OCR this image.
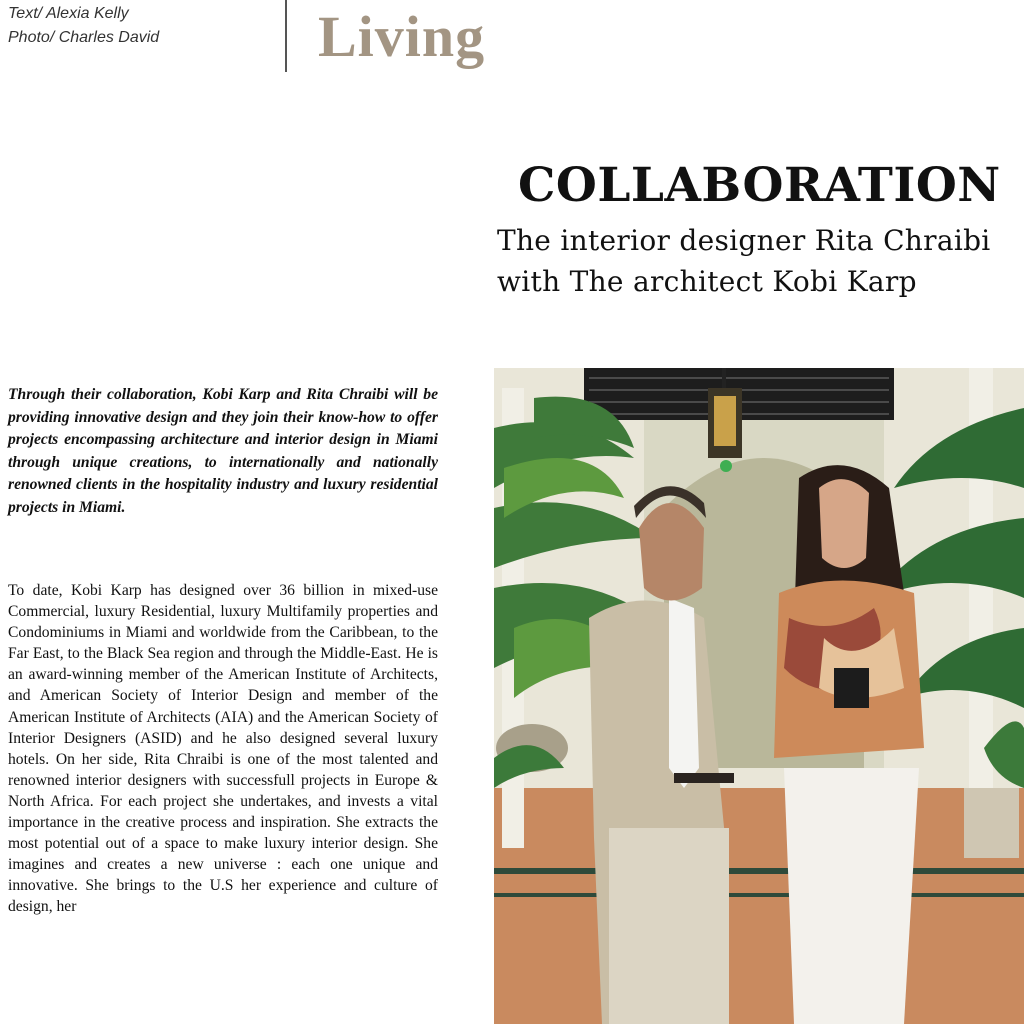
Text/ Alexia Kelly
Photo/ Charles David	Living
COLLABORATION
The interior designer Rita Chraibi
with The architect Kobi Karp

Through their collaboration, Kobi Karp and Rita Chraibi will be providing innovative design and they join their know-how to offer projects encompassing architecture and interior design in Miami through unique creations, to internationally and nationally renowned clients in the hospitality industry and luxury residential projects in Miami.

To date, Kobi Karp has designed over 36 billion in mixed-use Commercial, luxury Residential, luxury Multifamily properties and Condominiums in Miami and worldwide from the Caribbean, to the Far East, to the Black Sea region and through the Middle-East. He is an award-winning member of the American Institute of Architects, and American Society of Interior Design and member of the American Institute of Architects (AIA) and the American Society of Interior Designers (ASID) and he also designed several luxury hotels. On her side, Rita Chraibi is one of the most talented and renowned interior designers with successfull projects in Europe & North Africa. For each project she undertakes, and invests a vital importance in the creative process and inspiration. She extracts the most potential out of a space to make luxury interior design. She imagines and creates a new universe : each one unique and innovative. She brings to the U.S her experience and culture of design, her
